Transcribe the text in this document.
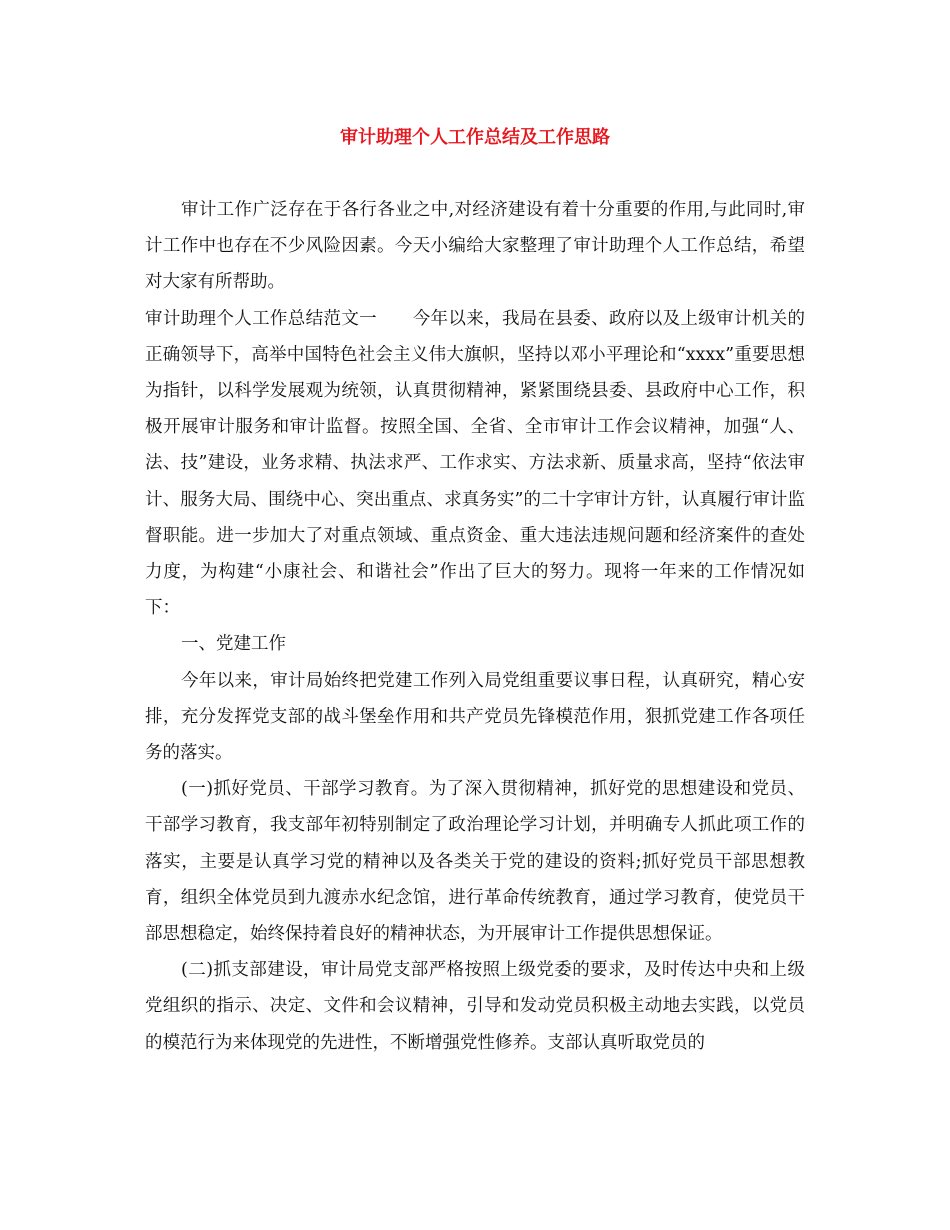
审计助理个人工作总结及工作思路

审计工作广泛存在于各行各业之中,对经济建设有着十分重要的作用,与此同时,审计工作中也存在不少风险因素。今天小编给大家整理了审计助理个人工作总结，希望对大家有所帮助。

审计助理个人工作总结范文一　　今年以来，我局在县委、政府以及上级审计机关的正确领导下，高举中国特色社会主义伟大旗帜，坚持以邓小平理论和“xxxx”重要思想为指针，以科学发展观为统领，认真贯彻精神，紧紧围绕县委、县政府中心工作，积极开展审计服务和审计监督。按照全国、全省、全市审计工作会议精神，加强“人、法、技”建设，业务求精、执法求严、工作求实、方法求新、质量求高，坚持“依法审计、服务大局、围绕中心、突出重点、求真务实”的二十字审计方针，认真履行审计监督职能。进一步加大了对重点领域、重点资金、重大违法违规问题和经济案件的查处力度，为构建“小康社会、和谐社会”作出了巨大的努力。现将一年来的工作情况如下：

一、党建工作

今年以来，审计局始终把党建工作列入局党组重要议事日程，认真研究，精心安排，充分发挥党支部的战斗堡垒作用和共产党员先锋模范作用，狠抓党建工作各项任务的落实。

(一)抓好党员、干部学习教育。为了深入贯彻精神，抓好党的思想建设和党员、干部学习教育，我支部年初特别制定了政治理论学习计划，并明确专人抓此项工作的落实，主要是认真学习党的精神以及各类关于党的建设的资料;抓好党员干部思想教育，组织全体党员到九渡赤水纪念馆，进行革命传统教育，通过学习教育，使党员干部思想稳定，始终保持着良好的精神状态，为开展审计工作提供思想保证。

(二)抓支部建设，审计局党支部严格按照上级党委的要求，及时传达中央和上级党组织的指示、决定、文件和会议精神，引导和发动党员积极主动地去实践，以党员的模范行为来体现党的先进性，不断增强党性修养。支部认真听取党员的
